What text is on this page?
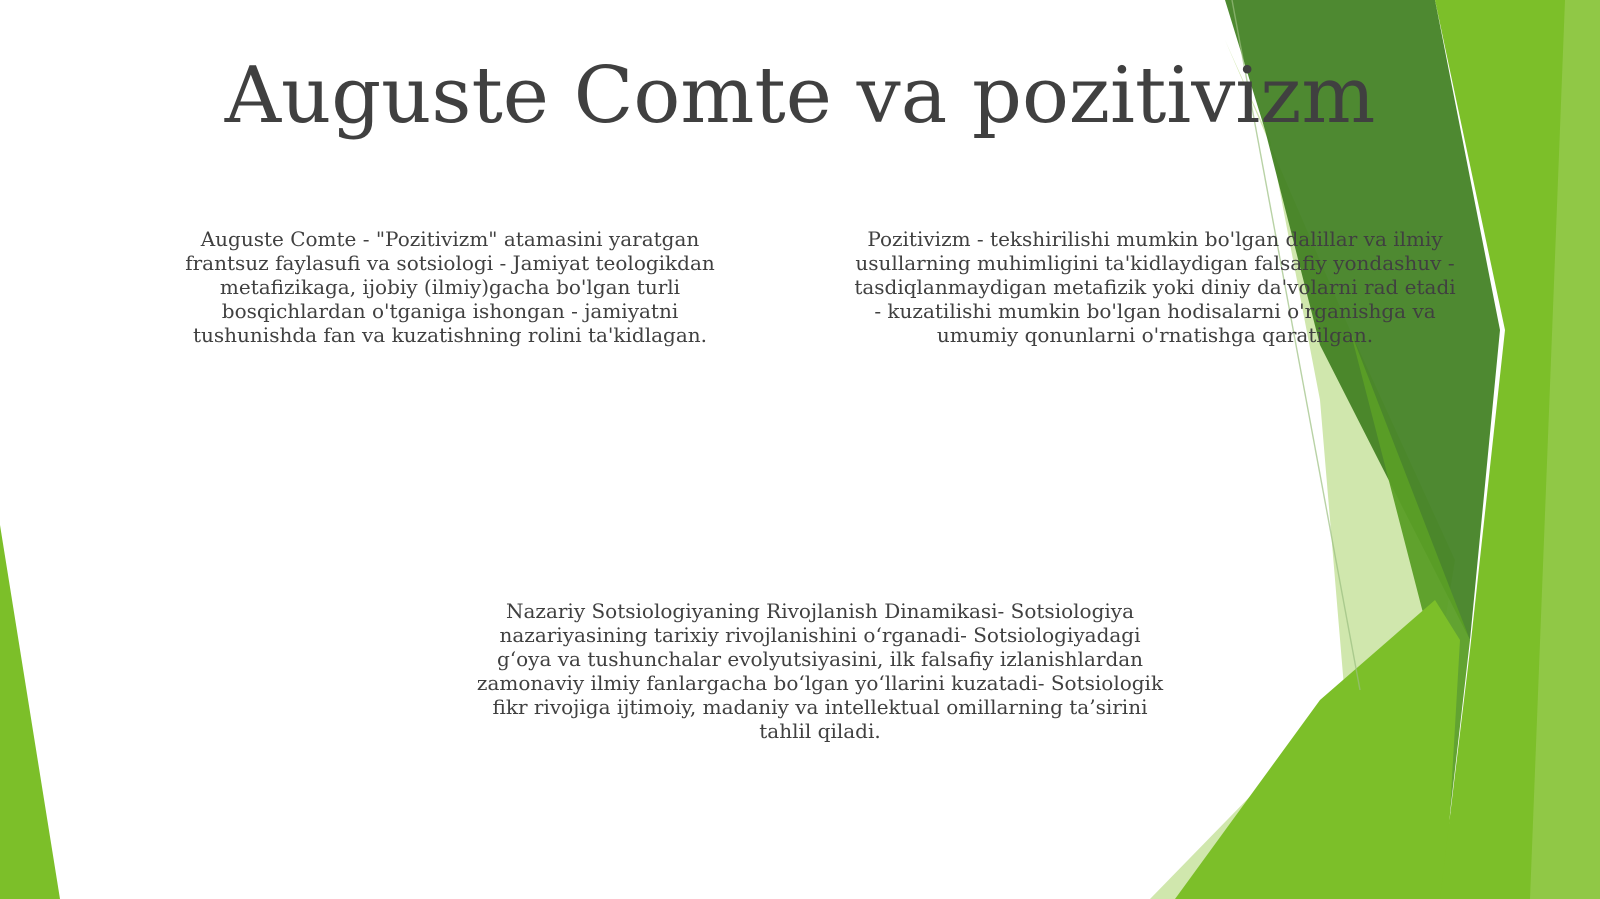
Auguste Comte va pozitivizm

Auguste Comte - "Pozitivizm" atamasini yaratgan frantsuz faylasufi va sotsiologi - Jamiyat teologikdan metafizikaga, ijobiy (ilmiy)gacha bo'lgan turli bosqichlardan o'tganiga ishongan - jamiyatni tushunishda fan va kuzatishning rolini ta'kidlagan.

Pozitivizm - tekshirilishi mumkin bo'lgan dalillar va ilmiy usullarning muhimligini ta'kidlaydigan falsafiy yondashuv - tasdiqlanmaydigan metafizik yoki diniy da'volarni rad etadi - kuzatilishi mumkin bo'lgan hodisalarni o'rganishga va umumiy qonunlarni o'rnatishga qaratilgan.

Nazariy Sotsiologiyaning Rivojlanish Dinamikasi- Sotsiologiya nazariyasining tarixiy rivojlanishini o‘rganadi- Sotsiologiyadagi g‘oya va tushunchalar evolyutsiyasini, ilk falsafiy izlanishlardan zamonaviy ilmiy fanlargacha bo‘lgan yo‘llarini kuzatadi- Sotsiologik fikr rivojiga ijtimoiy, madaniy va intellektual omillarning ta’sirini tahlil qiladi.
